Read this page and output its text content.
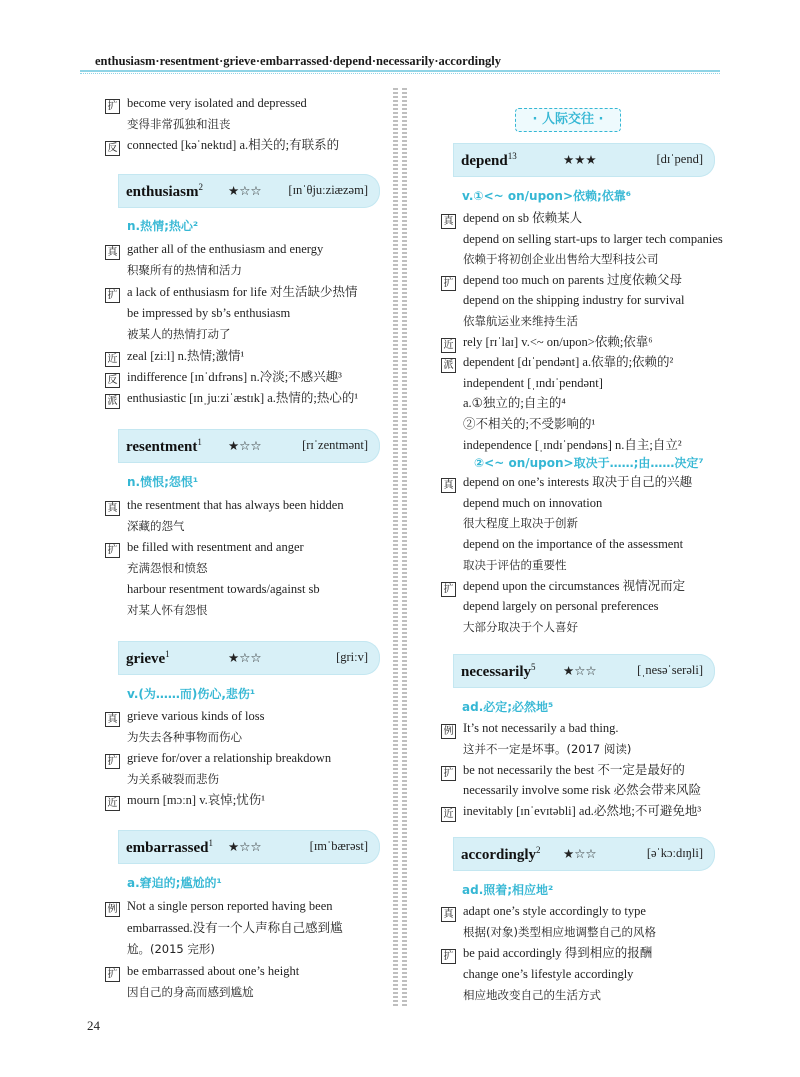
enthusiasm·resentment·grieve·embarrassed·depend·necessarily·accordingly
· 人际交往 ·
24
扩 become very isolated and depressed
变得非常孤独和沮丧
反 connected [kəˈnektɪd] a.相关的;有联系的
enthusiasm$^2$ ★☆☆ [ɪnˈθjuːziæzəm]
n.热情;热心²
真 gather all of the enthusiasm and energy
积聚所有的热情和活力
扩 a lack of enthusiasm for life 对生活缺少热情
be impressed by sb’s enthusiasm
被某人的热情打动了
近 zeal [ziːl] n.热情;激情¹
反 indifference [ɪnˈdɪfrəns] n.冷淡;不感兴趣³
派 enthusiastic [ɪnˌjuːziˈæstɪk] a.热情的;热心的¹
resentment$^1$ ★☆☆	[rɪˈzentmənt]
n.愤恨;怨恨¹
真 the resentment that has always been hidden
深藏的怨气
扩 be filled with resentment and anger
充满怨恨和愤怒
harbour resentment towards/against sb
对某人怀有怨恨
grieve$^1$	★☆☆	[griːv]
v.(为……而)伤心,悲伤¹
真 grieve various kinds of loss
为失去各种事物而伤心
扩 grieve for/over a relationship breakdown
为关系破裂而悲伤
近 mourn [mɔːn] v.哀悼;忧伤¹
embarrassed$^1$ ★☆☆	[ɪmˈbærəst]
a.窘迫的;尴尬的¹
例 Not a single person reported having been
embarrassed.没有一个人声称自己感到尴
尬。(2015 完形)
扩 be embarrassed about one’s height
因自己的身高而感到尴尬
depend$^{13}$	★★★	[dɪˈpend]
v.①<~ on/upon>依赖;依靠⁶
真 depend on sb 依赖某人
depend on selling start-ups to larger tech companies
依赖于将初创企业出售给大型科技公司
扩 depend too much on parents 过度依赖父母
depend on the shipping industry for survival
依靠航运业来维持生活
近 rely [rɪˈlaɪ] v.<~ on/upon>依赖;依靠⁶
派 dependent [dɪˈpendənt] a.依靠的;依赖的²
independent [ˌɪndɪˈpendənt]
a.①独立的;自主的⁴
②不相关的;不受影响的¹
independence [ˌɪndɪˈpendəns] n.自主;自立²
②<~ on/upon>取决于……;由……决定⁷
真 depend on one’s interests 取决于自己的兴趣
depend much on innovation
很大程度上取决于创新
depend on the importance of the assessment
取决于评估的重要性
扩 depend upon the circumstances 视情况而定
depend largely on personal preferences
大部分取决于个人喜好
necessarily$^5$ ★☆☆	[ˌnesəˈserəli]
ad.必定;必然地⁵
例 It’s not necessarily a bad thing.
这并不一定是坏事。(2017 阅读)
扩 be not necessarily the best 不一定是最好的
necessarily involve some risk 必然会带来风险
近 inevitably [ɪnˈevɪtəbli] ad.必然地;不可避免地³
accordingly$^2$ ★☆☆	[əˈkɔːdɪŋli]
ad.照着;相应地²
真 adapt one’s style accordingly to type
根据(对象)类型相应地调整自己的风格
扩 be paid accordingly 得到相应的报酬
change one’s lifestyle accordingly
相应地改变自己的生活方式
